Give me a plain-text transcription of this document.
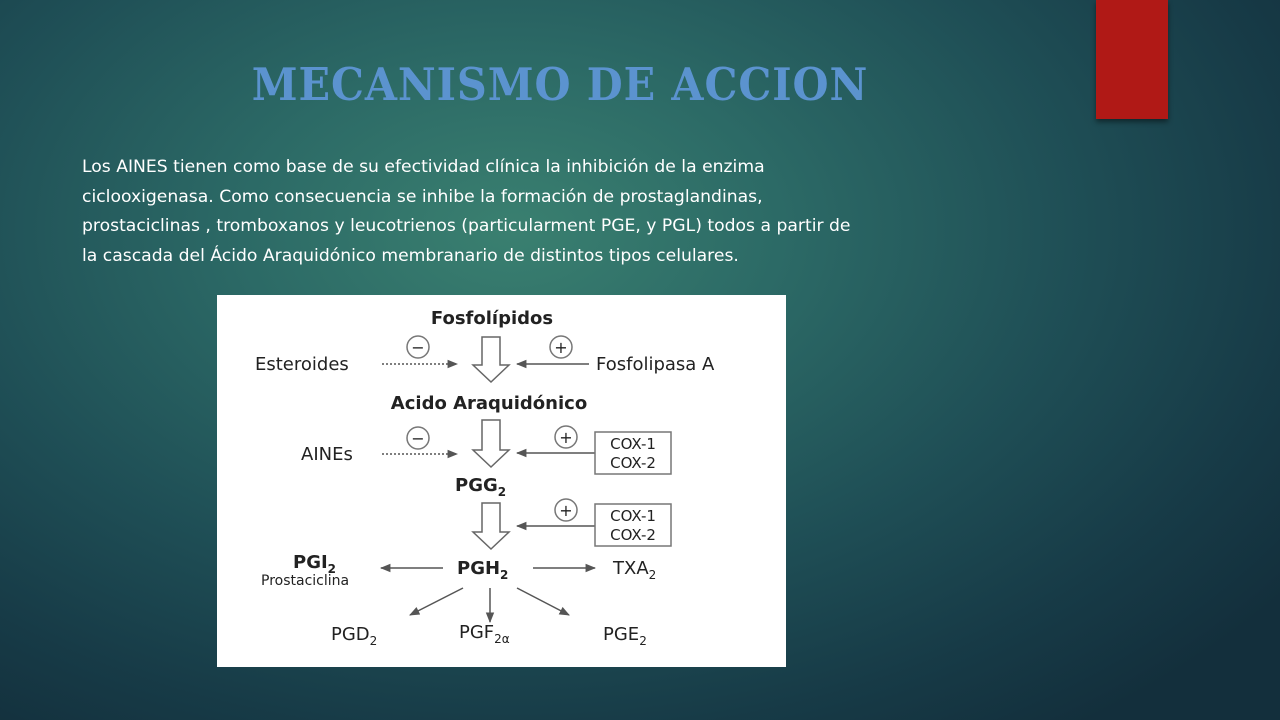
MECANISMO DE ACCION

Los AINES tienen como base de su efectividad clínica la inhibición de la enzima
ciclooxigenasa. Como consecuencia se inhibe la formación de prostaglandinas,
prostaciclinas , tromboxanos y leucotrienos (particularment PGE, y PGL) todos a partir de
la cascada del Ácido Araquidónico membranario de distintos tipos celulares.

Fosfolípidos
Esteroides
−	+
Fosfolipasa A
Acido Araquidónico
AINEs
−	+ COX-1
COX-2
$PGG_2$
+ COX-1
COX-2
$PGH_2$
$PGI_2$
Prostaciclina
$TXA_2$
$PGD_2$	$PGF_{2\alpha}$	$PGE_2$
